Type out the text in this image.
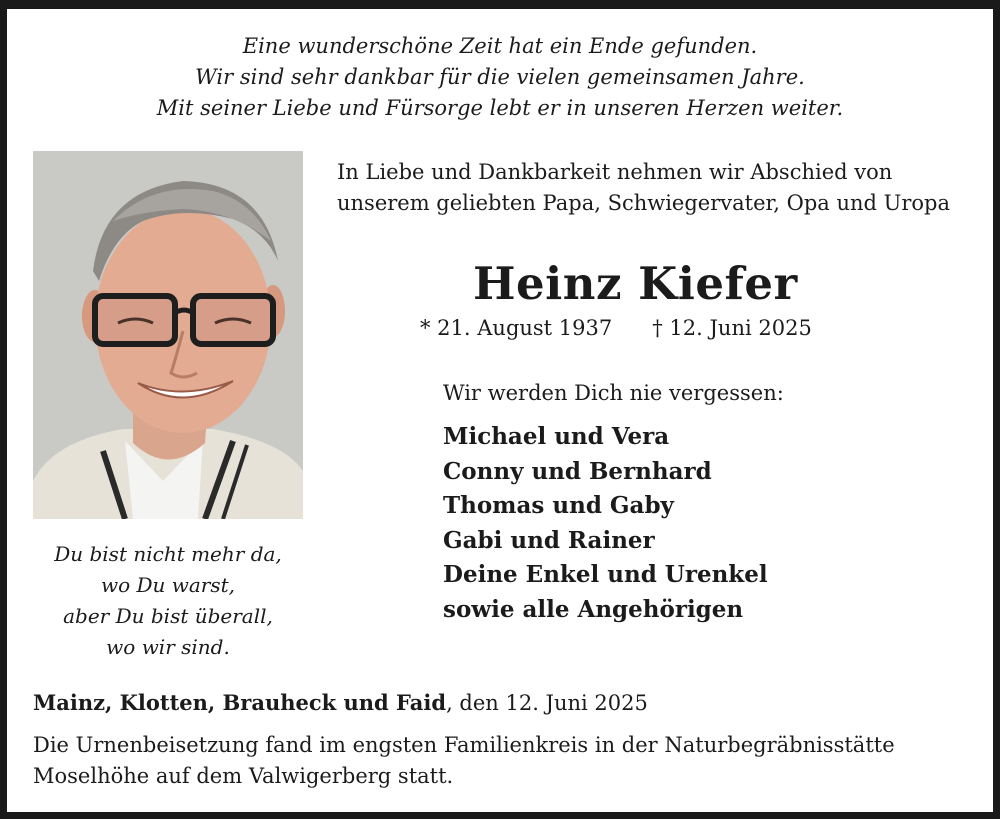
Eine wunderschöne Zeit hat ein Ende gefunden.
Wir sind sehr dankbar für die vielen gemeinsamen Jahre.
Mit seiner Liebe und Fürsorge lebt er in unseren Herzen weiter.
In Liebe und Dankbarkeit nehmen wir Abschied von
unserem geliebten Papa, Schwiegervater, Opa und Uropa
Heinz Kiefer
* 21. August 1937 † 12. Juni 2025
Wir werden Dich nie vergessen:
Michael und Vera
Conny und Bernhard
Thomas und Gaby
Gabi und Rainer
Deine Enkel und Urenkel
sowie alle Angehörigen
Du bist nicht mehr da,
wo Du warst,
aber Du bist überall,
wo wir sind.
Mainz, Klotten, Brauheck und Faid, den 12. Juni 2025
Die Urnenbeisetzung fand im engsten Familienkreis in der Naturbegräbnisstätte
Moselhöhe auf dem Valwigerberg statt.
